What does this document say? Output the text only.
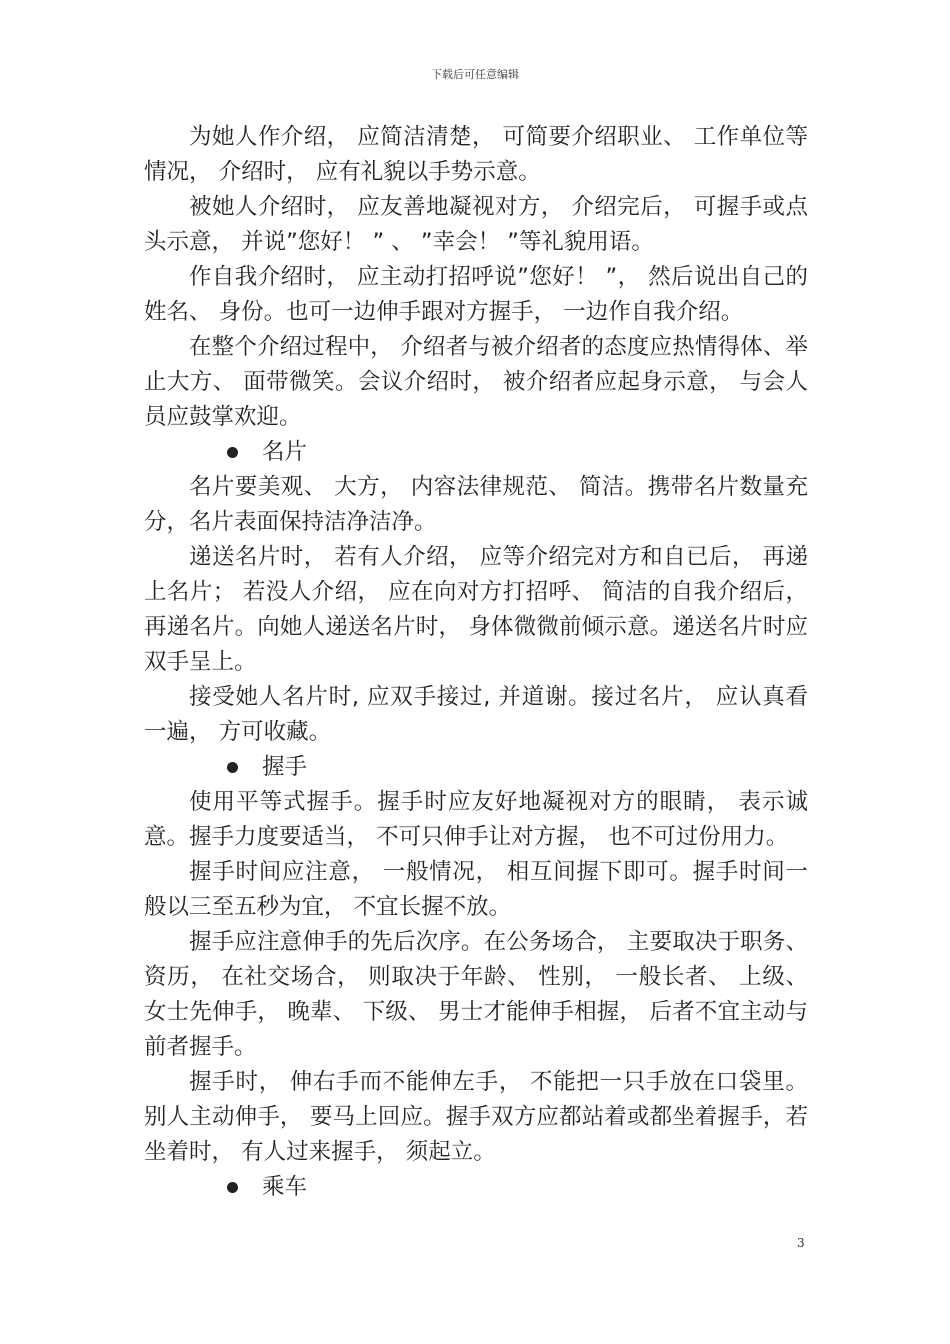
下载后可任意编辑

为她人作介绍， 应简洁清楚， 可简要介绍职业、 工作单位等情况， 介绍时， 应有礼貌以手势示意。

被她人介绍时， 应友善地凝视对方， 介绍完后， 可握手或点头示意， 并说”您好！ ” 、 ”幸会！ ”等礼貌用语。

作自我介绍时， 应主动打招呼说”您好！ ”， 然后说出自己的姓名、 身份。也可一边伸手跟对方握手， 一边作自我介绍。

在整个介绍过程中， 介绍者与被介绍者的态度应热情得体、举止大方、 面带微笑。会议介绍时， 被介绍者应起身示意， 与会人员应鼓掌欢迎。

名片

名片要美观、 大方， 内容法律规范、 简洁。携带名片数量充分，名片表面保持洁净洁净。

递送名片时， 若有人介绍， 应等介绍完对方和自已后， 再递上名片； 若没人介绍， 应在向对方打招呼、 简洁的自我介绍后，再递名片。向她人递送名片时， 身体微微前倾示意。递送名片时应双手呈上。

接受她人名片时, 应双手接过, 并道谢。接过名片， 应认真看一遍， 方可收藏。

握手

使用平等式握手。握手时应友好地凝视对方的眼睛， 表示诚意。握手力度要适当， 不可只伸手让对方握， 也不可过份用力。

握手时间应注意， 一般情况， 相互间握下即可。握手时间一般以三至五秒为宜， 不宜长握不放。

握手应注意伸手的先后次序。在公务场合， 主要取决于职务、资历， 在社交场合， 则取决于年龄、 性别， 一般长者、 上级、女士先伸手， 晚辈、 下级、 男士才能伸手相握， 后者不宜主动与前者握手。

握手时， 伸右手而不能伸左手， 不能把一只手放在口袋里。别人主动伸手， 要马上回应。握手双方应都站着或都坐着握手，若坐着时， 有人过来握手， 须起立。

乘车
3
